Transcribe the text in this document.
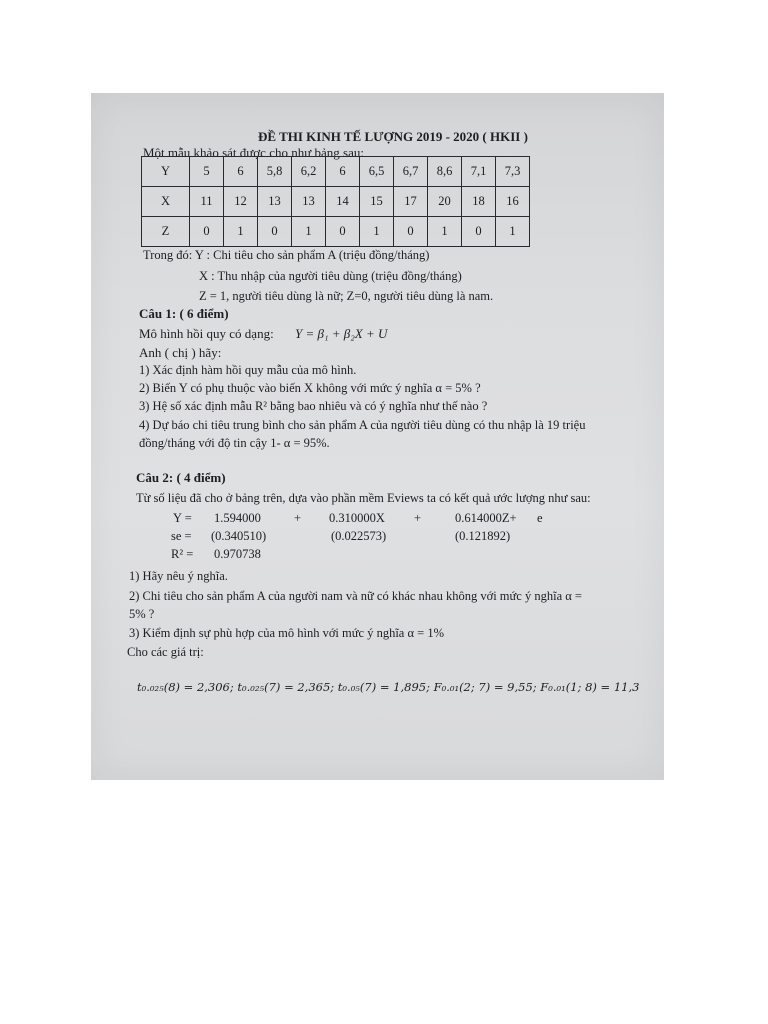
ĐỀ THI KINH TẾ LƯỢNG 2019 - 2020 ( HKII )
Một mẫu khảo sát được cho như bảng sau:
Y	5	6	5,8	6,2	6	6,5	6,7	8,6	7,1	7,3
X	11	12	13	13	14	15	17	20	18	16
Z	0	1	0	1	0	1	0	1	0	1
Trong đó: Y : Chi tiêu cho sản phẩm A (triệu đồng/tháng)
X : Thu nhập của người tiêu dùng (triệu đồng/tháng)
Z = 1, người tiêu dùng là nữ; Z=0, người tiêu dùng là nam.
Câu 1: ( 6 điểm)
Mô hình hồi quy có dạng: Y = β₁ + β₂X + U
Anh ( chị ) hãy:
1) Xác định hàm hồi quy mẫu của mô hình.
2) Biến Y có phụ thuộc vào biến X không với mức ý nghĩa α = 5% ?
3) Hệ số xác định mẫu R² bằng bao nhiêu và có ý nghĩa như thế nào ?
4) Dự báo chi tiêu trung bình cho sản phẩm A của người tiêu dùng có thu nhập là 19 triệu
đồng/tháng với độ tin cậy 1- α = 95%.
Câu 2: ( 4 điểm)
Từ số liệu đã cho ở bảng trên, dựa vào phần mềm Eviews ta có kết quả ước lượng như sau:
Y = 1.594000	+ 0.310000X +	0.614000Z+ e
se = (0.340510)	(0.022573)	(0.121892)
R² = 0.970738
1) Hãy nêu ý nghĩa.
2) Chi tiêu cho sản phẩm A của người nam và nữ có khác nhau không với mức ý nghĩa α =
5% ?
3) Kiểm định sự phù hợp của mô hình với mức ý nghĩa α = 1%
Cho các giá trị:
t₀.₀₂₅(8) = 2,306; t₀.₀₂₅(7) = 2,365; t₀.₀₅(7) = 1,895; F₀.₀₁(2; 7) = 9,55; F₀.₀₁(1; 8) = 11,3
